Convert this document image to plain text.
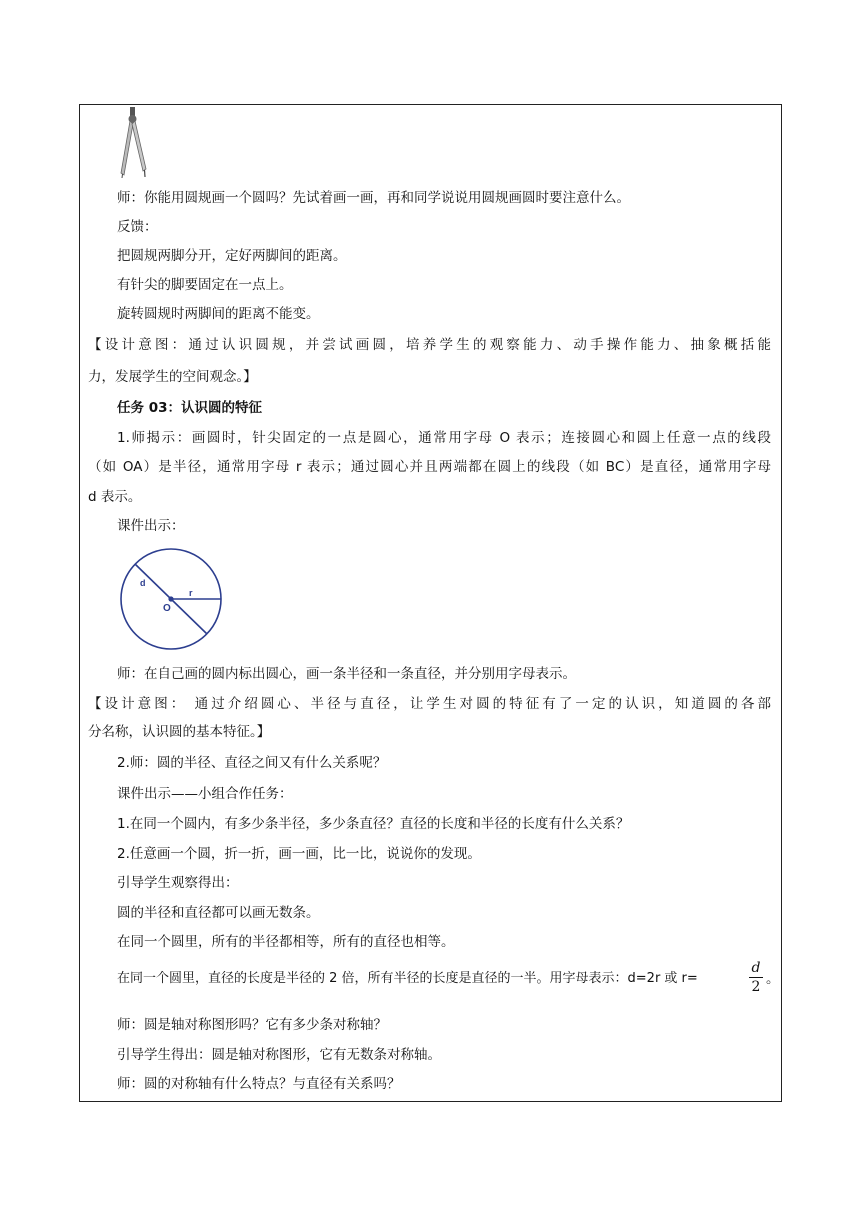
师：你能用圆规画一个圆吗？先试着画一画，再和同学说说用圆规画圆时要注意什么。
反馈：
把圆规两脚分开，定好两脚间的距离。
有针尖的脚要固定在一点上。
旋转圆规时两脚间的距离不能变。
【设计意图：通过认识圆规，并尝试画圆，培养学生的观察能力、动手操作能力、抽象概括能
力，发展学生的空间观念。】
任务 03：认识圆的特征
1.师揭示：画圆时，针尖固定的一点是圆心，通常用字母 O 表示；连接圆心和圆上任意一点的线段
（如 OA）是半径，通常用字母 r 表示；通过圆心并且两端都在圆上的线段（如 BC）是直径，通常用字母
d 表示。
课件出示：
d
r
O
师：在自己画的圆内标出圆心，画一条半径和一条直径，并分别用字母表示。
【设计意图： 通过介绍圆心、半径与直径，让学生对圆的特征有了一定的认识，知道圆的各部
分名称，认识圆的基本特征。】
2.师：圆的半径、直径之间又有什么关系呢？
课件出示——小组合作任务：
1.在同一个圆内，有多少条半径，多少条直径？直径的长度和半径的长度有什么关系？
2.任意画一个圆，折一折，画一画，比一比，说说你的发现。
引导学生观察得出：
圆的半径和直径都可以画无数条。
在同一个圆里，所有的半径都相等，所有的直径也相等。
在同一个圆里，直径的长度是半径的 2 倍，所有半径的长度是直径的一半。用字母表示：d=2r 或 r=
d
2 。
师：圆是轴对称图形吗？它有多少条对称轴？
引导学生得出：圆是轴对称图形，它有无数条对称轴。
师：圆的对称轴有什么特点？与直径有关系吗？
